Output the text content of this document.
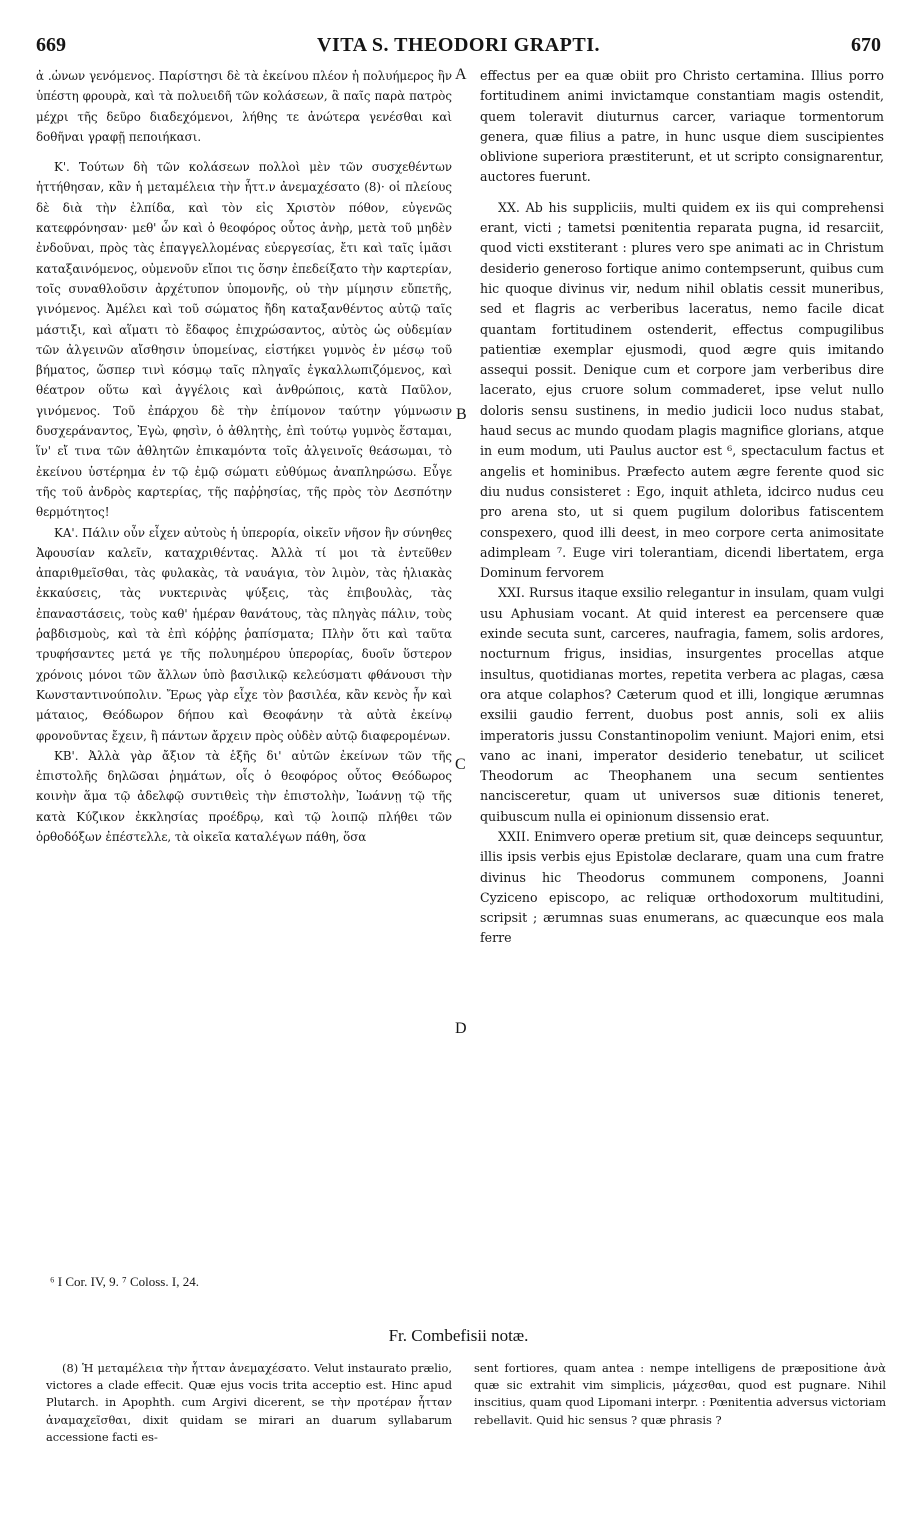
669	VITA S. THEODORI GRAPTI.	670

ἀ .ὡνων γενόμενος. Παρίστησι δὲ τὰ ἐκείνου πλέον ἡ πολυήμερος ἣν ὑπέστη φρουρὰ, καὶ τὰ πολυειδῆ τῶν κολάσεων, ἃ παῖς παρὰ πατρὸς μέχρι τῆς δεῦρο διαδεχόμενοι, λήθης τε ἀνώτερα γενέσθαι καὶ δοθῆναι γραφῇ πεποιήκασι.

Κ'. Τούτων δὴ τῶν κολάσεων πολλοὶ μὲν τῶν συσχεθέντων ἡττήθησαν, κἂν ἡ μεταμέλεια τὴν ἧττ.ν ἀνεμαχέσατο (8)· οἱ πλείους δὲ διὰ τὴν ἐλπίδα, καὶ τὸν εἰς Χριστὸν πόθον, εὐγενῶς κατεφρόνησαν· μεθ' ὧν καὶ ὁ θεοφόρος οὗτος ἀνὴρ, μετὰ τοῦ μηδὲν ἐνδοῦναι, πρὸς τὰς ἐπαγγελλομένας εὐεργεσίας, ἔτι καὶ ταῖς ἱμᾶσι καταξαινόμενος, οὐμενοῦν εἴποι τις ὅσην ἐπεδείξατο τὴν καρτερίαν, τοῖς συναθλοῦσιν ἀρχέτυπον ὑπομονῆς, οὐ τὴν μίμησιν εὔπετῆς, γινόμενος. Ἀμέλει καὶ τοῦ σώματος ἤδη καταξανθέντος αὐτῷ ταῖς μάστιξι, καὶ αἵματι τὸ ἔδαφος ἐπιχρώσαντος, αὐτὸς ὡς οὐδεμίαν τῶν ἀλγεινῶν αἴσθησιν ὑπομείνας, εἱστήκει γυμνὸς ἐν μέσῳ τοῦ βήματος, ὥσπερ τινὶ κόσμῳ ταῖς πληγαῖς ἐγκαλλωπιζόμενος, καὶ θέατρον οὕτω καὶ ἀγγέλοις καὶ ἀνθρώποις, κατὰ Παῦλον, γινόμενος. Τοῦ ἐπάρχου δὲ τὴν ἐπίμονον ταύτην γύμνωσιν δυσχεράναντος, Ἐγὼ, φησὶν, ὁ ἀθλητὴς, ἐπὶ τούτῳ γυμνὸς ἕσταμαι, ἵν' εἴ τινα τῶν ἀθλητῶν ἐπικαμόντα τοῖς ἀλγεινοῖς θεάσωμαι, τὸ ἐκείνου ὑστέρημα ἐν τῷ ἐμῷ σώματι εὐθύμως ἀναπληρώσω. Εὖγε τῆς τοῦ ἀνδρὸς καρτερίας, τῆς παῤῥησίας, τῆς πρὸς τὸν Δεσπότην θερμότητος!

ΚΑ'. Πάλιν οὖν εἶχεν αὐτοὺς ἡ ὑπερορία, οἰκεῖν νῆσον ἣν σύνηθες Ἀφουσίαν καλεῖν, καταχριθέντας. Ἀλλὰ τί μοι τὰ ἐντεῦθεν ἀπαριθμεῖσθαι, τὰς φυλακὰς, τὰ ναυάγια, τὸν λιμὸν, τὰς ἡλιακὰς ἐκκαύσεις, τὰς νυκτερινὰς ψύξεις, τὰς ἐπιβουλὰς, τὰς ἐπαναστάσεις, τοὺς καθ' ἡμέραν θανάτους, τὰς πληγὰς πάλιν, τοὺς ῥαβδισμοὺς, καὶ τὰ ἐπὶ κόῤῥης ῥαπίσματα; Πλὴν ὅτι καὶ ταῦτα τρυφήσαντες μετά γε τῆς πολυημέρου ὑπερορίας, δυοῖν ὕστερον χρόνοις μόνοι τῶν ἄλλων ὑπὸ βασιλικῷ κελεύσματι φθάνουσι τὴν Κωνσταντινούπολιν. Ἔρως γὰρ εἶχε τὸν βασιλέα, κἂν κενὸς ἦν καὶ μάταιος, Θεόδωρον δήπου καὶ Θεοφάνην τὰ αὐτὰ ἐκείνῳ φρονοῦντας ἔχειν, ἢ πάντων ἄρχειν πρὸς οὐδὲν αὐτῷ διαφερομένων.

ΚΒ'. Ἀλλὰ γὰρ ἄξιον τὰ ἑξῆς δι' αὐτῶν ἐκείνων τῶν τῆς ἐπιστολῆς δηλῶσαι ῥημάτων, οἷς ὁ θεοφόρος οὗτος Θεόδωρος κοινὴν ἅμα τῷ ἀδελφῷ συντιθεὶς τὴν ἐπιστολὴν, Ἰωάννῃ τῷ τῆς κατὰ Κύζικον ἐκκλησίας προέδρῳ, καὶ τῷ λοιπῷ πλήθει τῶν ὀρθοδόξων ἐπέστελλε, τὰ οἰκεῖα καταλέγων πάθη, ὅσα

A
B
C
D

effectus per ea quæ obiit pro Christo certamina. Illius porro fortitudinem animi invictamque constantiam magis ostendit, quem toleravit diuturnus carcer, variaque tormentorum genera, quæ filius a patre, in hunc usque diem suscipientes oblivione superiora præstiterunt, et ut scripto consignarentur, auctores fuerunt.

XX. Ab his suppliciis, multi quidem ex iis qui comprehensi erant, victi ; tametsi pœnitentia reparata pugna, id resarciit, quod victi exstiterant : plures vero spe animati ac in Christum desiderio generoso fortique animo contempserunt, quibus cum hic quoque divinus vir, nedum nihil oblatis cessit muneribus, sed et flagris ac verberibus laceratus, nemo facile dicat quantam fortitudinem ostenderit, effectus compugilibus patientiæ exemplar ejusmodi, quod ægre quis imitando assequi possit. Denique cum et corpore jam verberibus dire lacerato, ejus cruore solum commaderet, ipse velut nullo doloris sensu sustinens, in medio judicii loco nudus stabat, haud secus ac mundo quodam plagis magnifice glorians, atque in eum modum, uti Paulus auctor est ⁶, spectaculum factus et angelis et hominibus. Præfecto autem ægre ferente quod sic diu nudus consisteret : Ego, inquit athleta, idcirco nudus ceu pro arena sto, ut si quem pugilum doloribus fatiscentem conspexero, quod illi deest, in meo corpore certa animositate adimpleam ⁷. Euge viri tolerantiam, dicendi libertatem, erga Dominum fervorem

XXI. Rursus itaque exsilio relegantur in insulam, quam vulgi usu Aphusiam vocant. At quid interest ea percensere quæ exinde secuta sunt, carceres, naufragia, famem, solis ardores, nocturnum frigus, insidias, insurgentes procellas atque insultus, quotidianas mortes, repetita verbera ac plagas, cæsa ora atque colaphos? Cæterum quod et illi, longique ærumnas exsilii gaudio ferrent, duobus post annis, soli ex aliis imperatoris jussu Constantinopolim veniunt. Majori enim, etsi vano ac inani, imperator desiderio tenebatur, ut scilicet Theodorum ac Theophanem una secum sentientes nancisceretur, quam ut universos suæ ditionis teneret, quibuscum nulla ei opinionum dissensio erat.

XXII. Enimvero operæ pretium sit, quæ deinceps sequuntur, illis ipsis verbis ejus Epistolæ declarare, quam una cum fratre divinus hic Theodorus communem componens, Joanni Cyziceno episcopo, ac reliquæ orthodoxorum multitudini, scripsit ; ærumnas suas enumerans, ac quæcunque eos mala ferre

⁶ I Cor. IV, 9. ⁷ Coloss. I, 24.
Fr. Combefisii notæ.

(8) Ἡ μεταμέλεια τὴν ἧτταν ἀνεμαχέσατο. Velut instaurato prælio, victores a clade effecit. Quæ ejus vocis trita acceptio est. Hinc apud Plutarch. in Apophth. cum Argivi dicerent, se τὴν προτέραν ἧτταν ἀναμαχεῖσθαι, dixit quidam se mirari an duarum syllabarum accessione facti es-

sent fortiores, quam antea : nempe intelligens de præpositione ἀνὰ quæ sic extrahit vim simplicis, μάχεσθαι, quod est pugnare. Nihil inscitius, quam quod Lipomani interpr. : Pœnitentia adversus victoriam rebellavit. Quid hic sensus ? quæ phrasis ?
